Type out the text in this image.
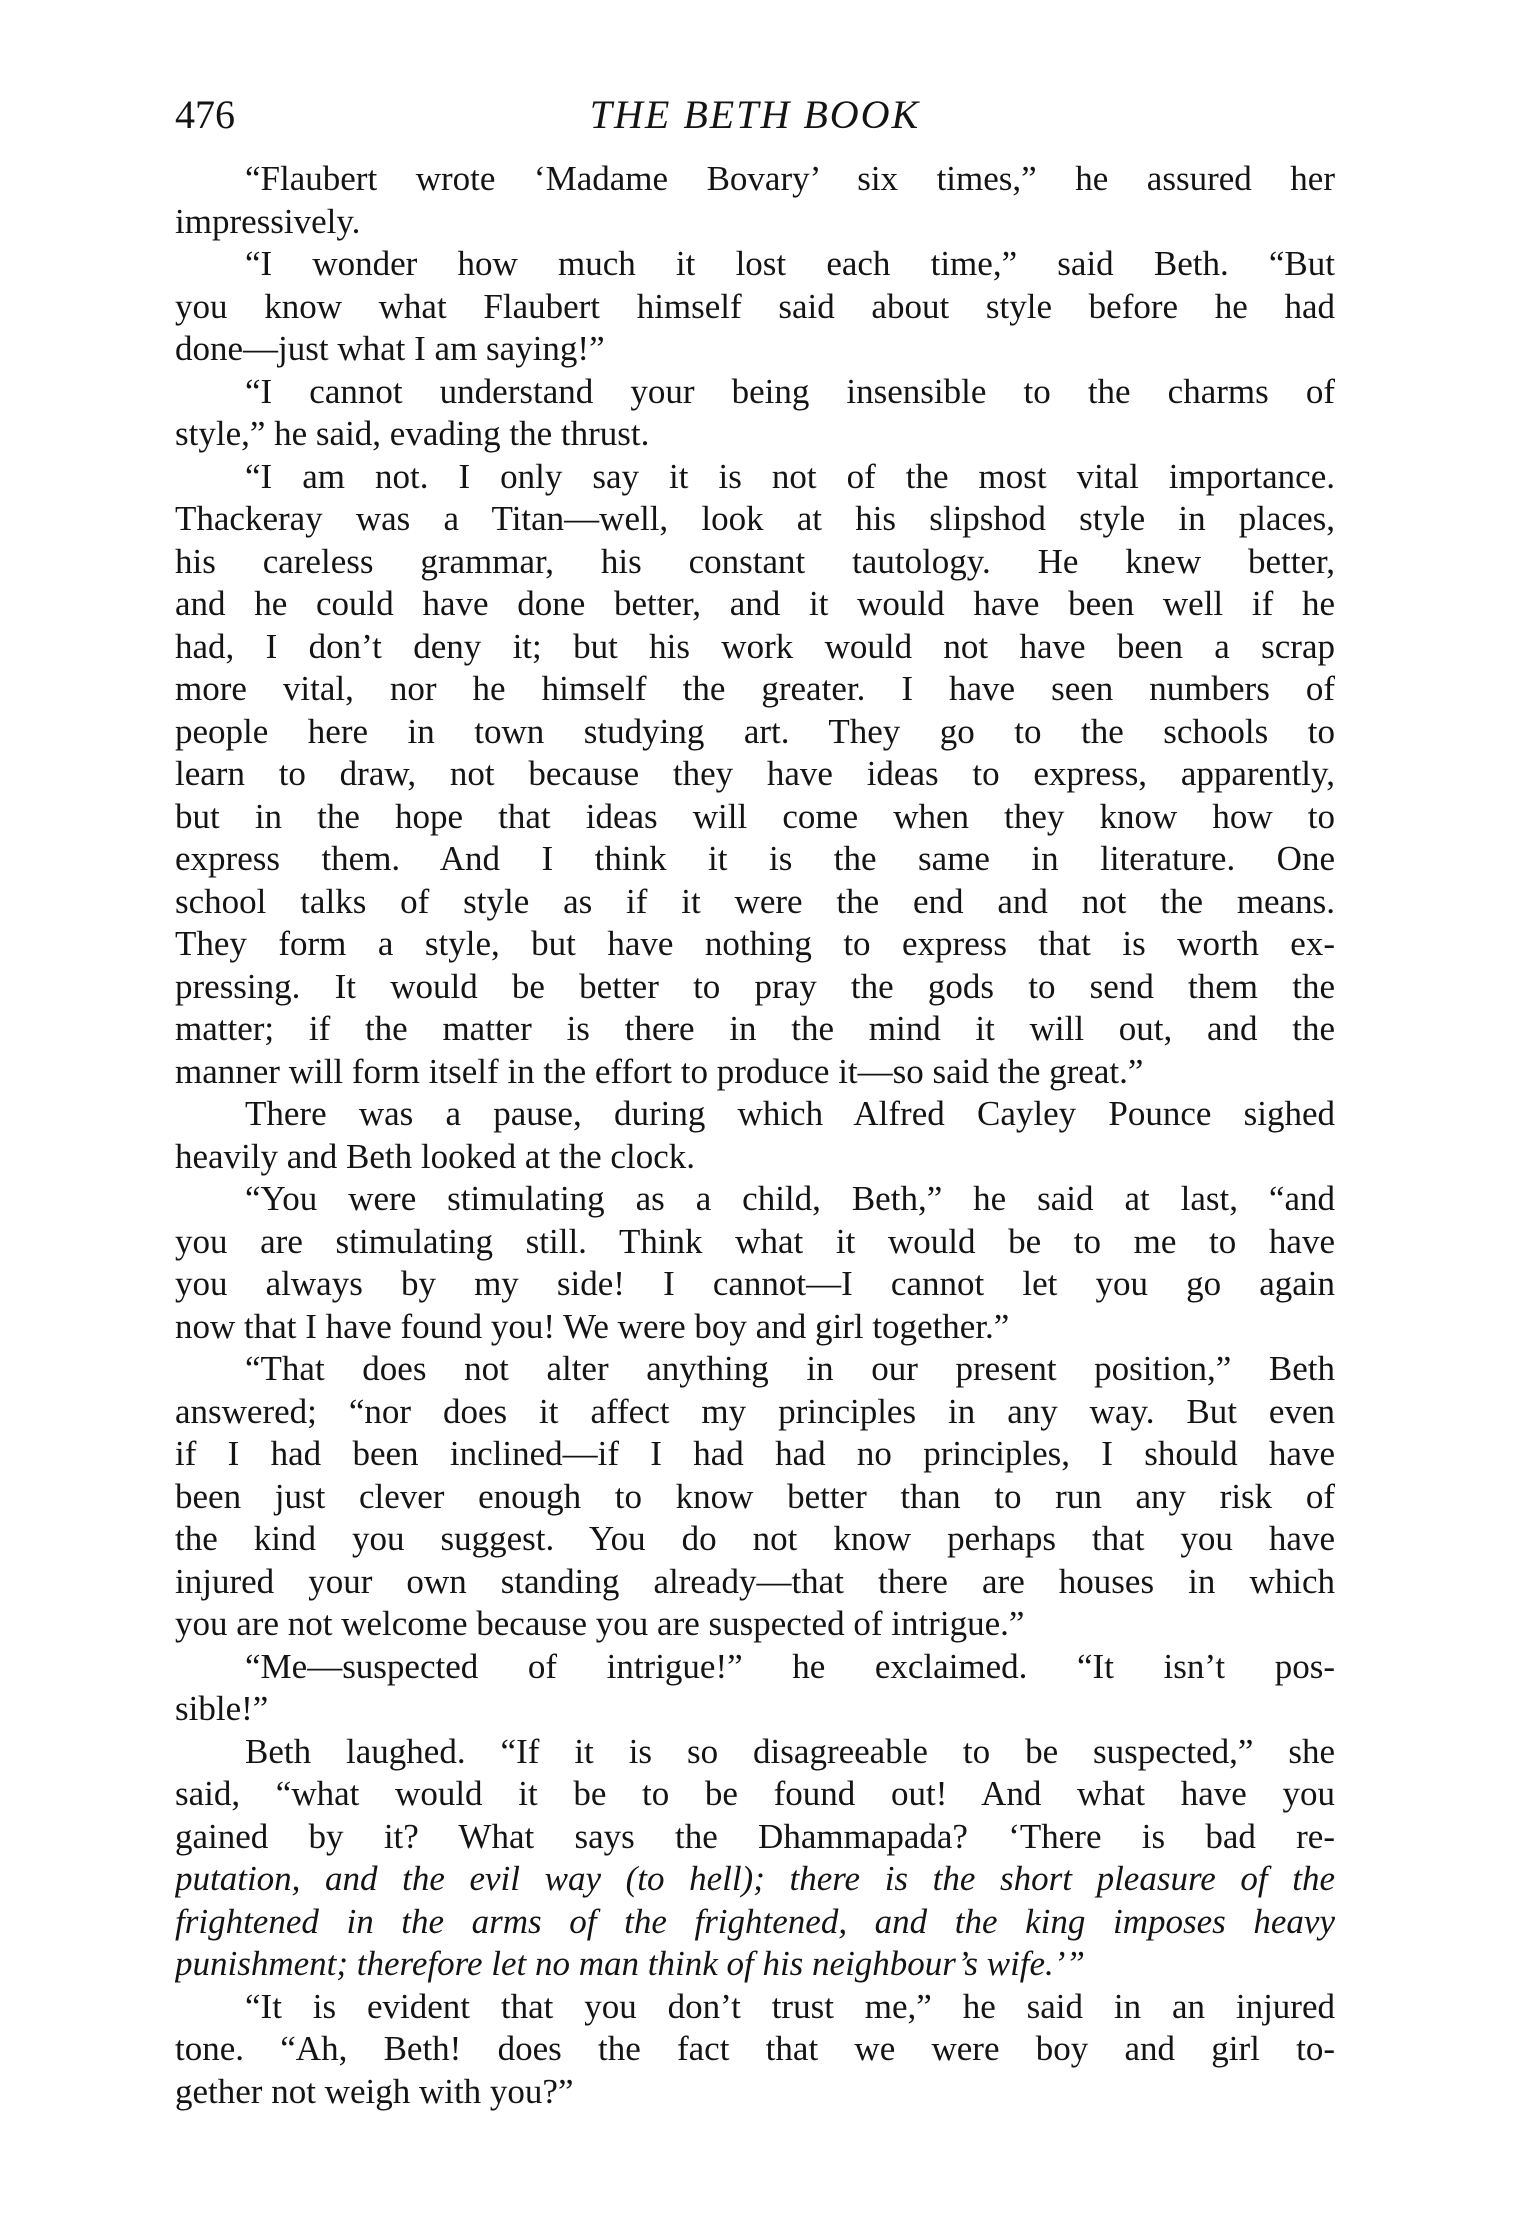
476	THE BETH BOOK
“Flaubert wrote ‘Madame Bovary’ six times,” he assured her
impressively.
“I wonder how much it lost each time,” said Beth. “But
you know what Flaubert himself said about style before he had
done—just what I am saying!”
“I cannot understand your being insensible to the charms of
style,” he said, evading the thrust.
“I am not. I only say it is not of the most vital importance.
Thackeray was a Titan—well, look at his slipshod style in places,
his careless grammar, his constant tautology. He knew better,
and he could have done better, and it would have been well if he
had, I don’t deny it; but his work would not have been a scrap
more vital, nor he himself the greater. I have seen numbers of
people here in town studying art. They go to the schools to
learn to draw, not because they have ideas to express, apparently,
but in the hope that ideas will come when they know how to
express them. And I think it is the same in literature. One
school talks of style as if it were the end and not the means.
They form a style, but have nothing to express that is worth ex-
pressing. It would be better to pray the gods to send them the
matter; if the matter is there in the mind it will out, and the
manner will form itself in the effort to produce it—so said the great.”
There was a pause, during which Alfred Cayley Pounce sighed
heavily and Beth looked at the clock.
“You were stimulating as a child, Beth,” he said at last, “and
you are stimulating still. Think what it would be to me to have
you always by my side! I cannot—I cannot let you go again
now that I have found you! We were boy and girl together.”
“That does not alter anything in our present position,” Beth
answered; “nor does it affect my principles in any way. But even
if I had been inclined—if I had had no principles, I should have
been just clever enough to know better than to run any risk of
the kind you suggest. You do not know perhaps that you have
injured your own standing already—that there are houses in which
you are not welcome because you are suspected of intrigue.”
“Me—suspected of intrigue!” he exclaimed. “It isn’t pos-
sible!”
Beth laughed. “If it is so disagreeable to be suspected,” she
said, “what would it be to be found out! And what have you
gained by it? What says the Dhammapada? ‘There is bad re-
putation, and the evil way (to hell); there is the short pleasure of the
frightened in the arms of the frightened, and the king imposes heavy
punishment; therefore let no man think of his neighbour’s wife.’”
“It is evident that you don’t trust me,” he said in an injured
tone. “Ah, Beth! does the fact that we were boy and girl to-
gether not weigh with you?”
